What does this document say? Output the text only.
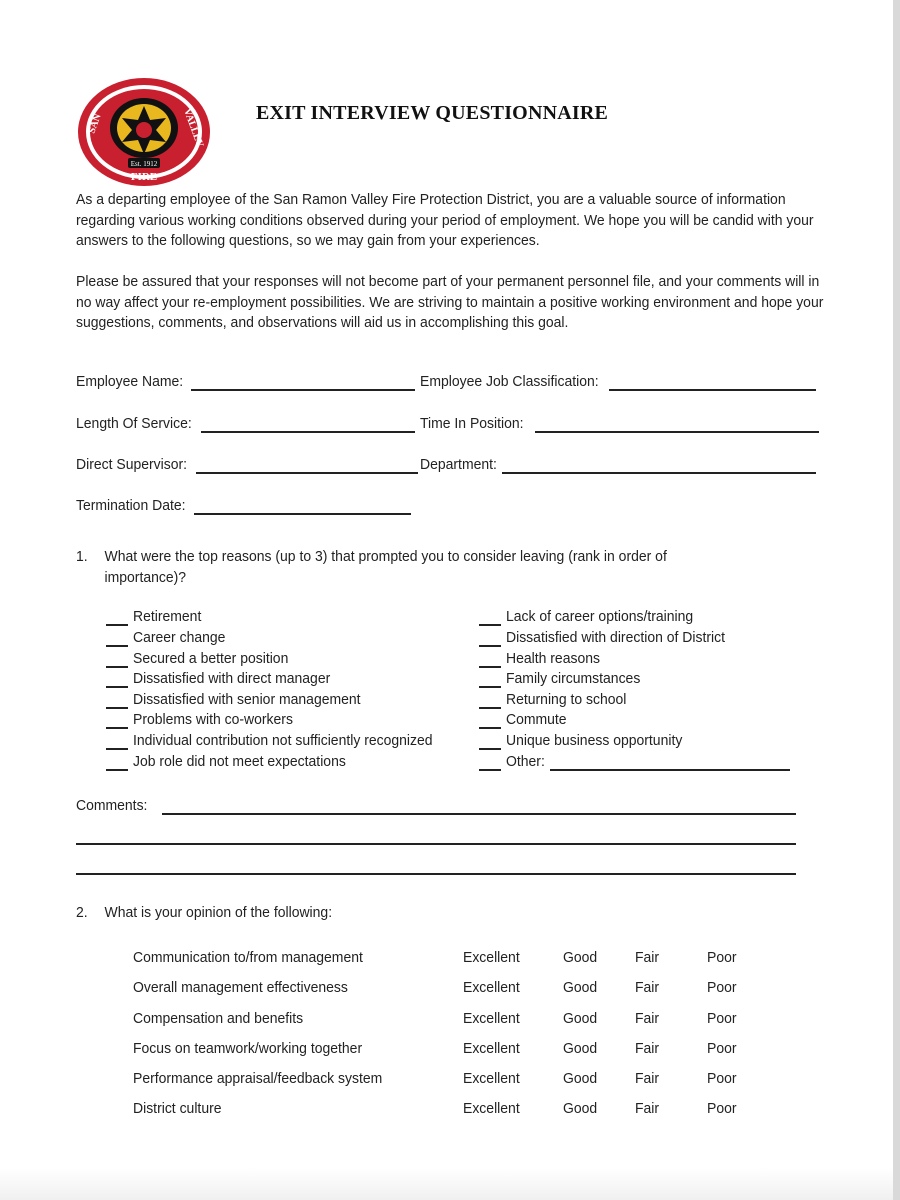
Est. 1912
FIRE
SAN	VALLEY	EXIT INTERVIEW QUESTIONNAIRE
As a departing employee of the San Ramon Valley Fire Protection District, you are a valuable source of information regarding various working conditions observed during your period of employment. We hope you will be candid with your answers to the following questions, so we may gain from your experiences.
Please be assured that your responses will not become part of your permanent personnel file, and your comments will in no way affect your re-employment possibilities. We are striving to maintain a positive working environment and hope your suggestions, comments, and observations will aid us in accomplishing this goal.
Employee Name:	Employee Job Classification:
Length Of Service:	Time In Position:
Direct Supervisor:	Department:
Termination Date:
1. What were the top reasons (up to 3) that prompted you to consider leaving (rank in order of importance)?
Retirement
Career change
Secured a better position
Dissatisfied with direct manager
Dissatisfied with senior management
Problems with co-workers
Individual contribution not sufficiently recognized
Job role did not meet expectations
Lack of career options/training
Dissatisfied with direction of District
Health reasons
Family circumstances
Returning to school
Commute
Unique business opportunity
Other:
Comments:
2. What is your opinion of the following:
Communication to/from management	Excellent	Good Fair	Poor
Overall management effectiveness	Excellent	Good Fair	Poor
Compensation and benefits	Excellent	Good Fair	Poor
Focus on teamwork/working together	Excellent	Good Fair	Poor
Performance appraisal/feedback system	Excellent	Good Fair	Poor
District culture	Excellent	Good Fair	Poor
